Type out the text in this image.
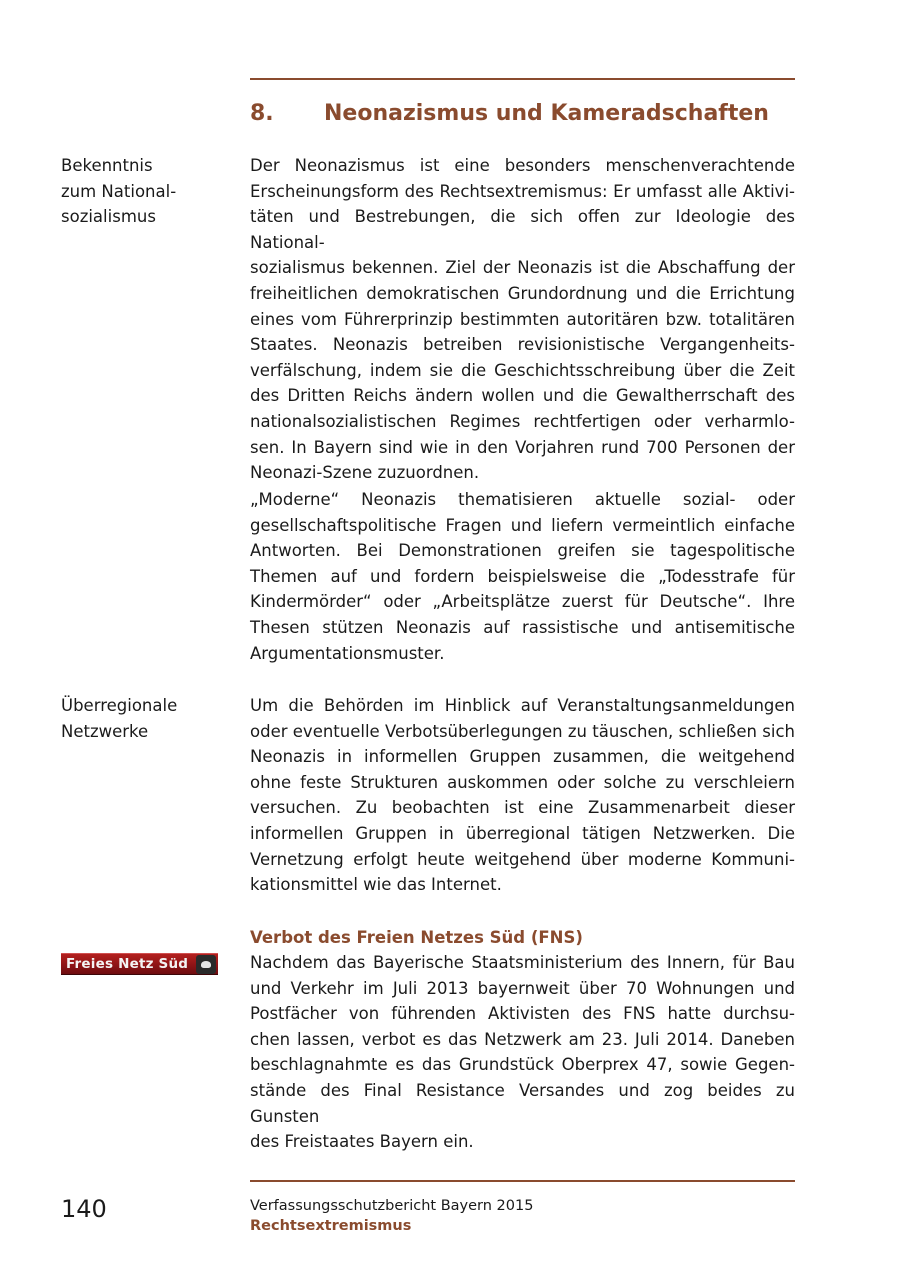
8. Neonazismus und Kameradschaften
Bekenntnis
zum National-
sozialismus
Der Neonazismus ist eine besonders menschenverachtende
Erscheinungsform des Rechtsextremismus: Er umfasst alle Aktivi-
täten und Bestrebungen, die sich offen zur Ideologie des National-
sozialismus bekennen. Ziel der Neonazis ist die Abschaffung der
freiheitlichen demokratischen Grundordnung und die Errichtung
eines vom Führerprinzip bestimmten autoritären bzw. totalitären
Staates. Neonazis betreiben revisionistische Vergangenheits-
verfälschung, indem sie die Geschichtsschreibung über die Zeit
des Dritten Reichs ändern wollen und die Gewaltherrschaft des
nationalsozialistischen Regimes rechtfertigen oder verharmlo-
sen. In Bayern sind wie in den Vorjahren rund 700 Personen der
Neonazi-Szene zuzuordnen.
„Moderne“ Neonazis thematisieren aktuelle sozial- oder
gesellschaftspolitische Fragen und liefern vermeintlich einfache
Antworten. Bei Demonstrationen greifen sie tagespolitische
Themen auf und fordern beispielsweise die „Todesstrafe für
Kindermörder“ oder „Arbeitsplätze zuerst für Deutsche“. Ihre
Thesen stützen Neonazis auf rassistische und antisemitische
Argumentationsmuster.
Überregionale
Netzwerke
Um die Behörden im Hinblick auf Veranstaltungsanmeldungen
oder eventuelle Verbotsüberlegungen zu täuschen, schließen sich
Neonazis in informellen Gruppen zusammen, die weitgehend
ohne feste Strukturen auskommen oder solche zu verschleiern
versuchen. Zu beobachten ist eine Zusammenarbeit dieser
informellen Gruppen in überregional tätigen Netzwerken. Die
Vernetzung erfolgt heute weitgehend über moderne Kommuni-
kationsmittel wie das Internet.
Verbot des Freien Netzes Süd (FNS)
Freies Netz Süd	Nachdem das Bayerische Staatsministerium des Innern, für Bau
und Verkehr im Juli 2013 bayernweit über 70 Wohnungen und
Postfächer von führenden Aktivisten des FNS hatte durchsu-
chen lassen, verbot es das Netzwerk am 23. Juli 2014. Daneben
beschlagnahmte es das Grundstück Oberprex 47, sowie Gegen-
stände des Final Resistance Versandes und zog beides zu Gunsten
des Freistaates Bayern ein.
140	Verfassungsschutzbericht Bayern 2015
Rechtsextremismus
